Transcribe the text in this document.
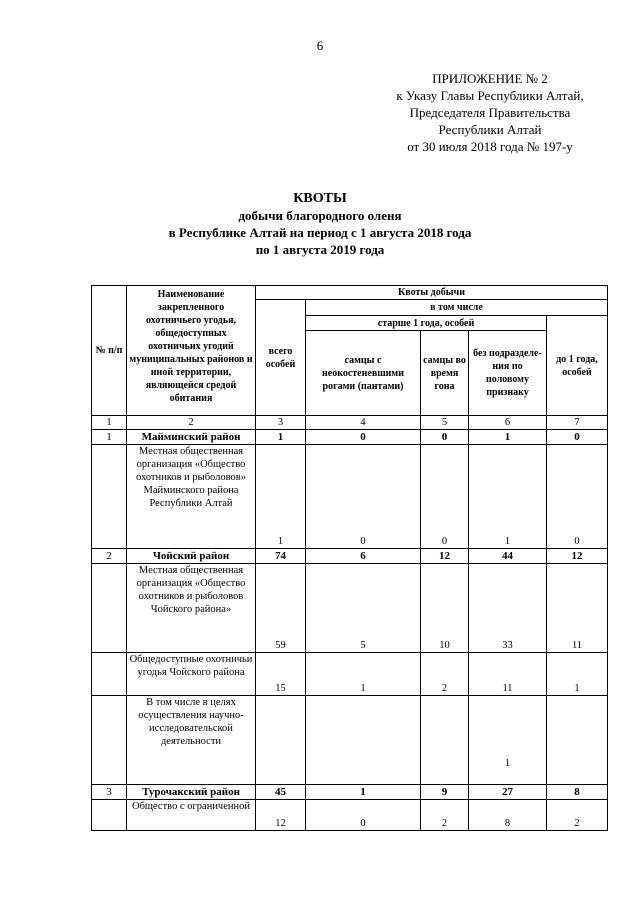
6
ПРИЛОЖЕНИЕ № 2
к Указу Главы Республики Алтай,
Председателя Правительства
Республики Алтай
от 30 июля 2018 года № 197-у
КВОТЫ
добычи благородного оленя
в Республике Алтай на период с 1 августа 2018 года
по 1 августа 2019 года
№ п/п	Наименование закрепленного охотничьего угодья, общедоступных охотничьих угодий муниципальных районов и иной территории, являющейся средой обитания	Квоты добычи				
		всего особей	в том числе			
			старше 1 года, особей			до 1 года, особей
			самцы с неокостеневшими рогами (пантами)	самцы во время гона	без подразделе-ния по половому признаку	
1	2	3	4	5	6	7
1	Майминский район	1	0	0	1	0
	Местная общественная организация «Общество охотников и рыболовов» Майминского района Республики Алтай	1	0	0	1	0
2	Чойский район	74	6	12	44	12
	Местная общественная организация «Общество охотников и рыболовов Чойского района»	59	5	10	33	11
	Общедоступные охотничьи угодья Чойского района	15	1	2	11	1
	В том числе в целях осуществления научно-исследовательской деятельности				1	
3	Турочакский район	45	1	9	27	8
	Общество с ограниченной	12	0	2	8	2
